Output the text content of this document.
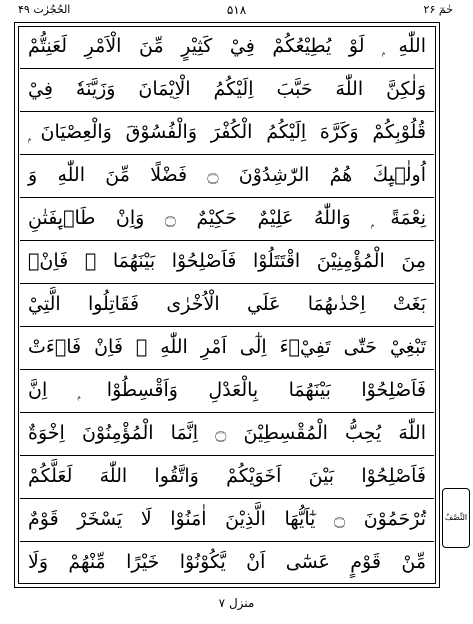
الحُجُرٰت ۴۹	۵۱۸	حٰمٓ ۲۶
اللّٰهِ ۭ لَوْ يُطِيْعُكُمْ فِيْ كَثِيْرٍ مِّنَ الْاَمْرِ لَعَنِتُّمْ
وَلٰكِنَّ اللّٰهَ حَبَّبَ اِلَيْكُمُ الْاِيْمَانَ وَزَيَّنَهٗ فِيْ
قُلُوْبِكُمْ وَكَرَّهَ اِلَيْكُمُ الْكُفْرَ وَالْفُسُوْقَ وَالْعِصْيَانَ ۭ
اُولٰۗىِٕكَ هُمُ الرّٰشِدُوْنَ ۝ فَضْلًا مِّنَ اللّٰهِ وَ
نِعْمَةً ۭ وَاللّٰهُ عَلِيْمٌ حَكِيْمٌ ۝ وَاِنْ طَاۗىِٕفَتٰنِ
مِنَ الْمُؤْمِنِيْنَ اقْتَتَلُوْا فَاَصْلِحُوْا بَيْنَهُمَا ۚ فَاِنْۢ
بَغَتْ اِحْدٰىهُمَا عَلَي الْاُخْرٰى فَقَاتِلُوا الَّتِيْ
تَبْغِيْ حَتّٰى تَفِيْۗءَ اِلٰٓى اَمْرِ اللّٰهِ ۚ فَاِنْ فَاۗءَتْ
فَاَصْلِحُوْا بَيْنَهُمَا بِالْعَدْلِ وَاَقْسِطُوْا ۭ اِنَّ
اللّٰهَ يُحِبُّ الْمُقْسِطِيْنَ ۝ اِنَّمَا الْمُؤْمِنُوْنَ اِخْوَةٌ
فَاَصْلِحُوْا بَيْنَ اَخَوَيْكُمْ وَاتَّقُوا اللّٰهَ لَعَلَّكُمْ
تُرْحَمُوْنَ ۝ يٰٓاَيُّهَا الَّذِيْنَ اٰمَنُوْا لَا يَسْخَرْ قَوْمٌ
مِّنْ قَوْمٍ عَسٰٓى اَنْ يَّكُوْنُوْا خَيْرًا مِّنْهُمْ وَلَا
النِّصْفُ
منزل ۷
